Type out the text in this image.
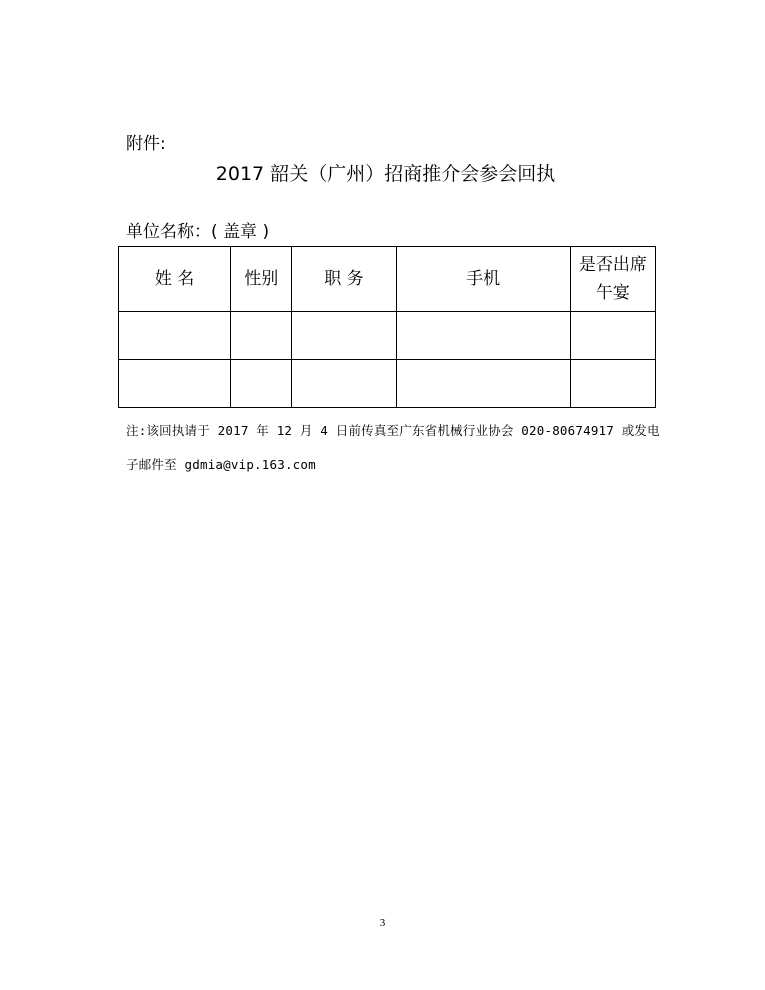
附件:
2017 韶关（广州）招商推介会参会回执
单位名称：( 盖章 )
姓 名	性别	职 务	手机	是否出席
午宴

注:该回执请于 2017 年 12 月 4 日前传真至广东省机械行业协会 020-80674917 或发电
子邮件至 gdmia@vip.163.com
3
